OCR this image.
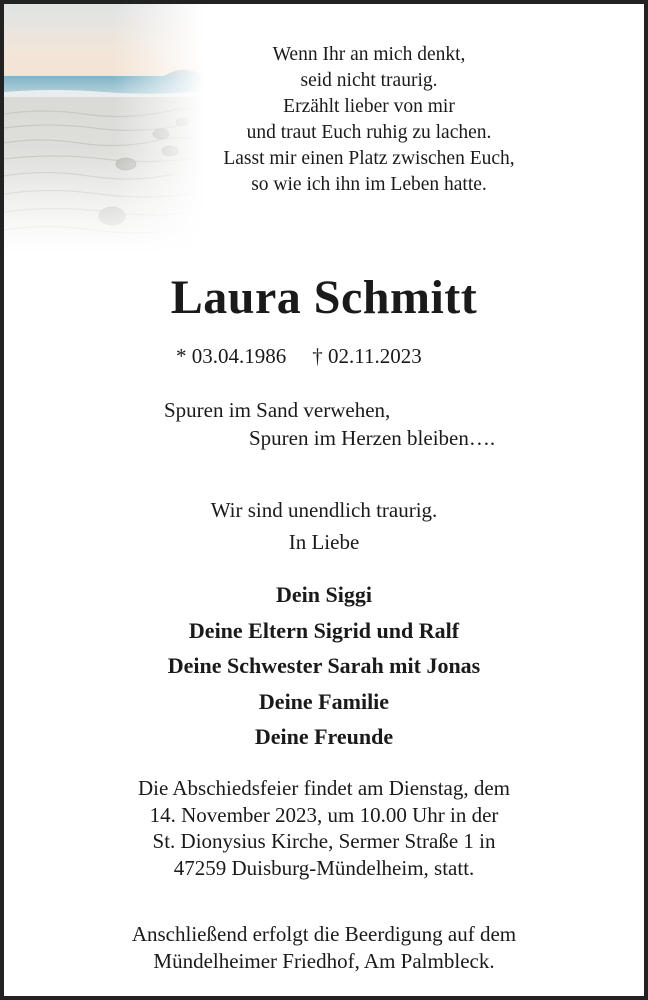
Wenn Ihr an mich denkt,
seid nicht traurig.
Erzählt lieber von mir
und traut Euch ruhig zu lachen.
Lasst mir einen Platz zwischen Euch,
so wie ich ihn im Leben hatte.
Laura Schmitt
* 03.04.1986 † 02.11.2023
Spuren im Sand verwehen,
Spuren im Herzen bleiben….
Wir sind unendlich traurig.
In Liebe
Dein Siggi
Deine Eltern Sigrid und Ralf
Deine Schwester Sarah mit Jonas
Deine Familie
Deine Freunde
Die Abschiedsfeier findet am Dienstag, dem
14. November 2023, um 10.00 Uhr in der
St. Dionysius Kirche, Sermer Straße 1 in
47259 Duisburg-Mündelheim, statt.
Anschließend erfolgt die Beerdigung auf dem
Mündelheimer Friedhof, Am Palmbleck.
